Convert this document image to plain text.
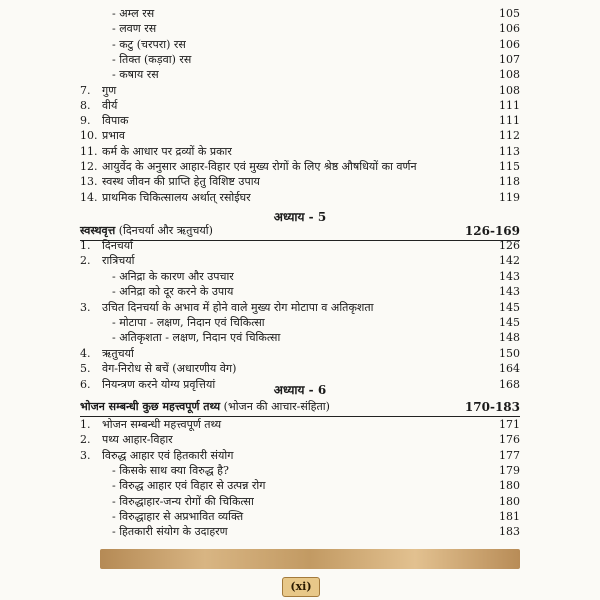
अध्याय - 5
स्वस्थवृत्त (दिनचर्या और ऋतुचर्या)	126-169
अध्याय - 6
भोजन सम्बन्धी कुछ महत्त्वपूर्ण तथ्य (भोजन की आचार-संहिता)	170-183
- अम्ल रस	105
- लवण रस	106
- कटु (चरपरा) रस	106
- तिक्त (कड़वा) रस	107
- कषाय रस	108
7.	गुण	108
8.	वीर्य	111
9.	विपाक	111
10. प्रभाव	112
11. कर्म के आधार पर द्रव्यों के प्रकार	113
12. आयुर्वेद के अनुसार आहार-विहार एवं मुख्य रोगों के लिए श्रेष्ठ औषधियों का वर्णन	115
13. स्वस्थ जीवन की प्राप्ति हेतु विशिष्ट उपाय	118
14. प्राथमिक चिकित्सालय अर्थात् रसोईघर	119
1.	दिनचर्या	126
2.	रात्रिचर्या	142
- अनिद्रा के कारण और उपचार	143
- अनिद्रा को दूर करने के उपाय	143
3.	उचित दिनचर्या के अभाव में होने वाले मुख्य रोग मोटापा व अतिकृशता	145
- मोटापा - लक्षण, निदान एवं चिकित्सा	145
- अतिकृशता - लक्षण, निदान एवं चिकित्सा	148
4.	ऋतुचर्या	150
5.	वेग-निरोध से बचें (अधारणीय वेग)	164
6.	नियन्त्रण करने योग्य प्रवृत्तियां	168
1.	भोजन सम्बन्धी महत्त्वपूर्ण तथ्य	171
2.	पथ्य आहार-विहार	176
3.	विरुद्ध आहार एवं हितकारी संयोग	177
- किसके साथ क्या विरुद्ध है?	179
- विरुद्ध आहार एवं विहार से उत्पन्न रोग	180
- विरुद्धाहार-जन्य रोगों की चिकित्सा	180
- विरुद्धाहार से अप्रभावित व्यक्ति	181
- हितकारी संयोग के उदाहरण	183
(xi)
